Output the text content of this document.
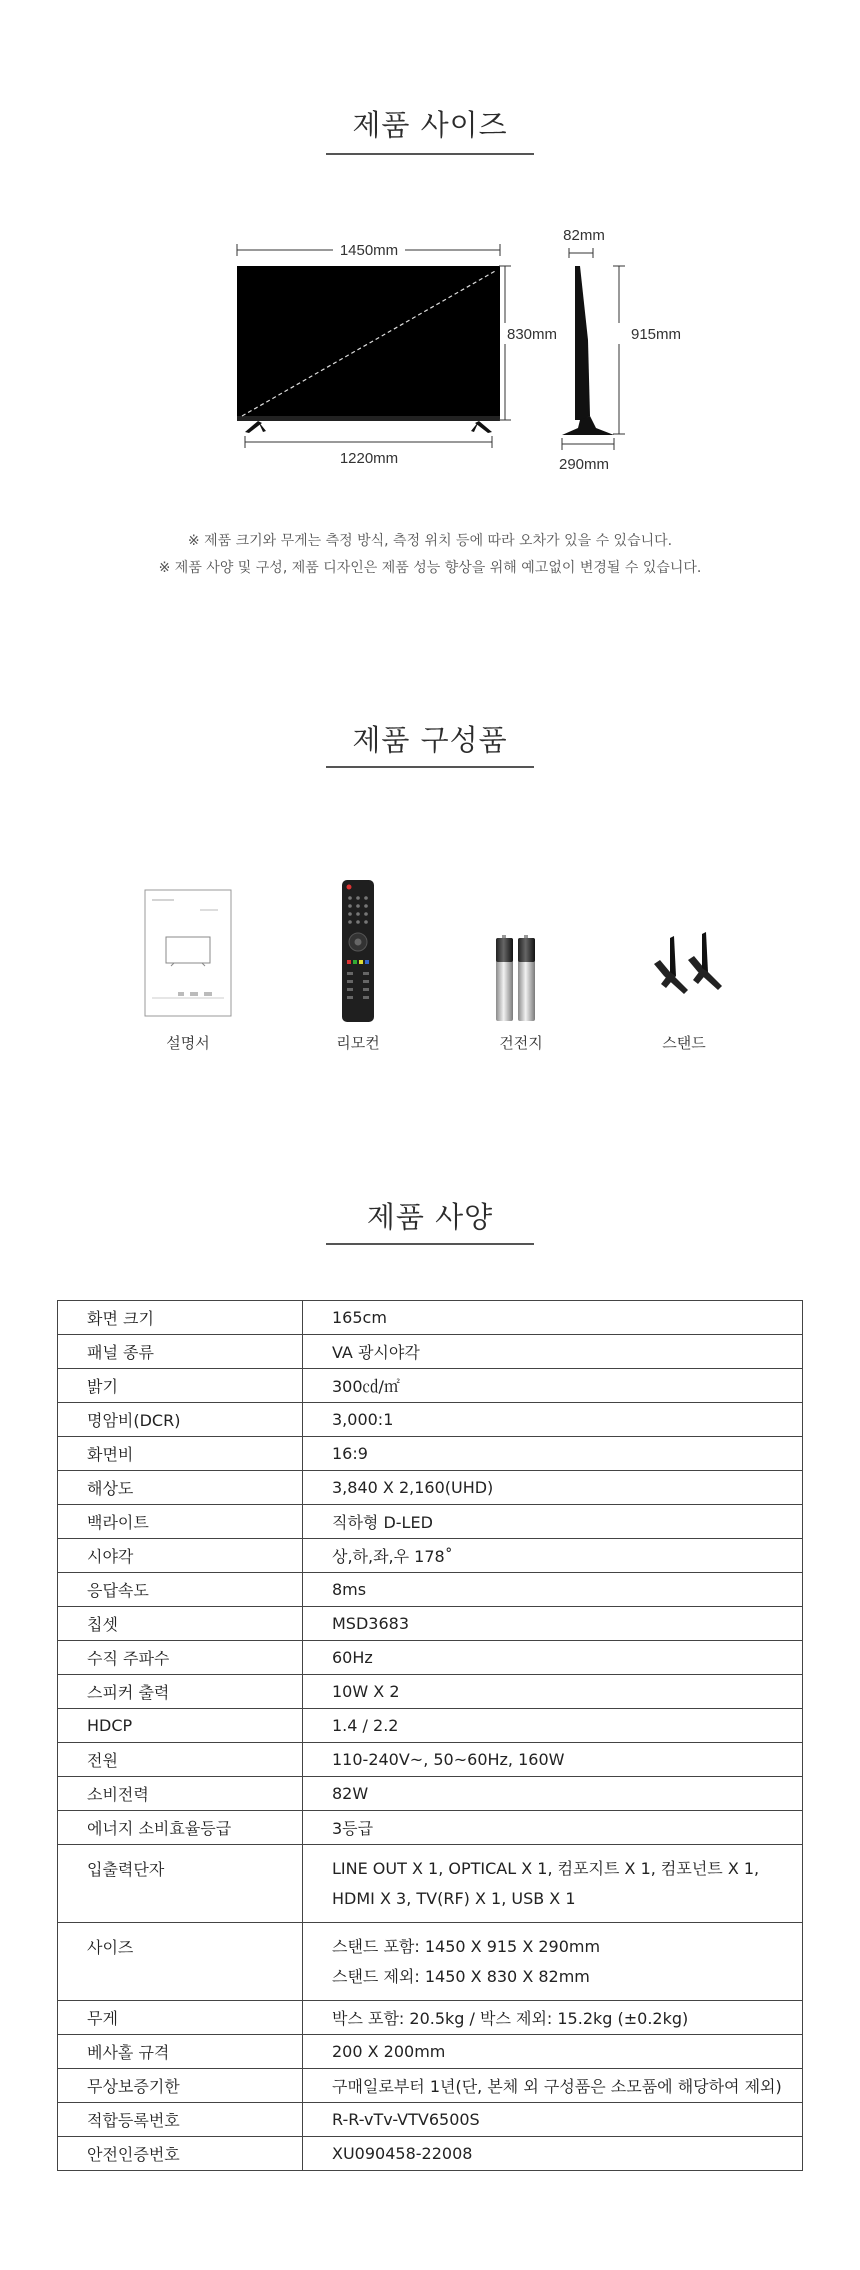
제품 사이즈
1450mm
1220mm
830mm
82mm
915mm
290mm
※ 제품 크기와 무게는 측정 방식, 측정 위치 등에 따라 오차가 있을 수 있습니다.
※ 제품 사양 및 구성, 제품 디자인은 제품 성능 향상을 위해 예고없이 변경될 수 있습니다.
제품 구성품
설명서	리모컨	건전지	스탠드
제품 사양
화면 크기	165cm
패널 종류	VA 광시야각
밝기	300㏅/㎡
명암비(DCR)	3,000:1
화면비	16:9
해상도	3,840 X 2,160(UHD)
백라이트	직하형 D-LED
시야각	상,하,좌,우 178˚
응답속도	8ms
칩셋	MSD3683
수직 주파수	60Hz
스피커 출력	10W X 2
HDCP	1.4 / 2.2
전원	110-240V~, 50~60Hz, 160W
소비전력	82W
에너지 소비효율등급	3등급
입출력단자	LINE OUT X 1, OPTICAL X 1, 컴포지트 X 1, 컴포넌트 X 1,
HDMI X 3, TV(RF) X 1, USB X 1

사이즈	스탠드 포함: 1450 X 915 X 290mm
스탠드 제외: 1450 X 830 X 82mm

무게	박스 포함: 20.5kg / 박스 제외: 15.2kg (±0.2kg)
베사홀 규격	200 X 200mm
무상보증기한	구매일로부터 1년(단, 본체 외 구성품은 소모품에 해당하여 제외)
적합등록번호	R-R-vTv-VTV6500S
안전인증번호	XU090458-22008
